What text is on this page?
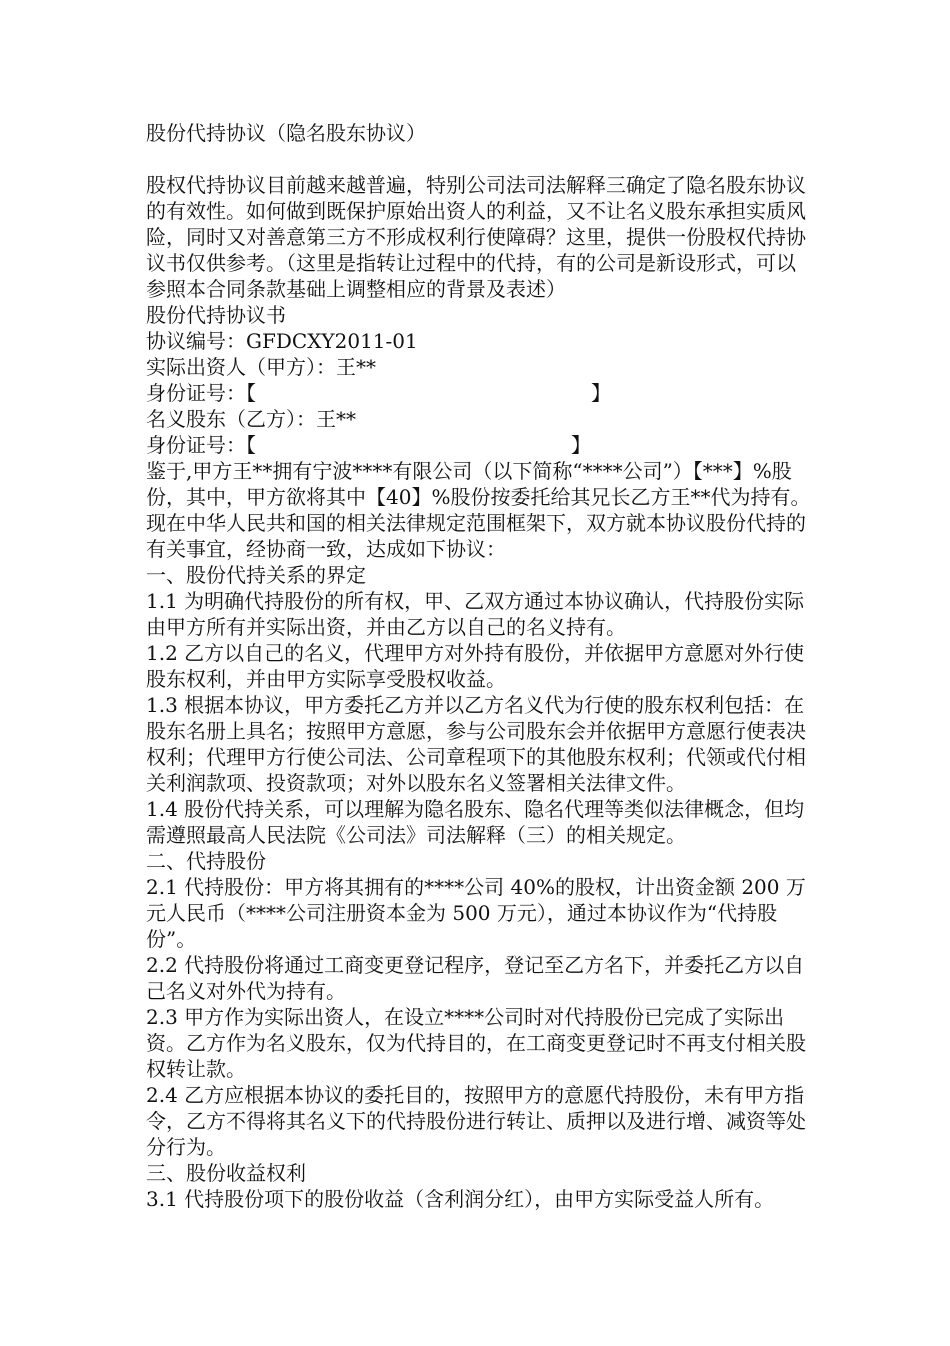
股份代持协议（隐名股东协议）

股权代持协议目前越来越普遍，特别公司法司法解释三确定了隐名股东协议的有效性。如何做到既保护原始出资人的利益，又不让名义股东承担实质风险，同时又对善意第三方不形成权利行使障碍？这里，提供一份股权代持协议书仅供参考。（这里是指转让过程中的代持，有的公司是新设形式，可以参照本合同条款基础上调整相应的背景及表述）

股份代持协议书

协议编号：GFDCXY2011-01

实际出资人（甲方）：王**

身份证号：【	】

名义股东（乙方）：王**

身份证号：【	】

鉴于,甲方王**拥有宁波****有限公司（以下简称“****公司”）【***】%股份，其中，甲方欲将其中【40】%股份按委托给其兄长乙方王**代为持有。现在中华人民共和国的相关法律规定范围框架下，双方就本协议股份代持的有关事宜，经协商一致，达成如下协议：

一、股份代持关系的界定

1.1 为明确代持股份的所有权，甲、乙双方通过本协议确认，代持股份实际由甲方所有并实际出资，并由乙方以自己的名义持有。

1.2 乙方以自己的名义，代理甲方对外持有股份，并依据甲方意愿对外行使股东权利，并由甲方实际享受股权收益。

1.3 根据本协议，甲方委托乙方并以乙方名义代为行使的股东权利包括：在股东名册上具名；按照甲方意愿，参与公司股东会并依据甲方意愿行使表决权利；代理甲方行使公司法、公司章程项下的其他股东权利；代领或代付相关利润款项、投资款项；对外以股东名义签署相关法律文件。

1.4 股份代持关系，可以理解为隐名股东、隐名代理等类似法律概念，但均需遵照最高人民法院《公司法》司法解释（三）的相关规定。

二、代持股份

2.1 代持股份：甲方将其拥有的****公司 40%的股权，计出资金额 200 万元人民币（****公司注册资本金为 500 万元），通过本协议作为“代持股份”。

2.2 代持股份将通过工商变更登记程序，登记至乙方名下，并委托乙方以自己名义对外代为持有。

2.3 甲方作为实际出资人，在设立****公司时对代持股份已完成了实际出资。乙方作为名义股东，仅为代持目的，在工商变更登记时不再支付相关股权转让款。

2.4 乙方应根据本协议的委托目的，按照甲方的意愿代持股份，未有甲方指令，乙方不得将其名义下的代持股份进行转让、质押以及进行增、减资等处分行为。

三、股份收益权利

3.1 代持股份项下的股份收益（含利润分红），由甲方实际受益人所有。
